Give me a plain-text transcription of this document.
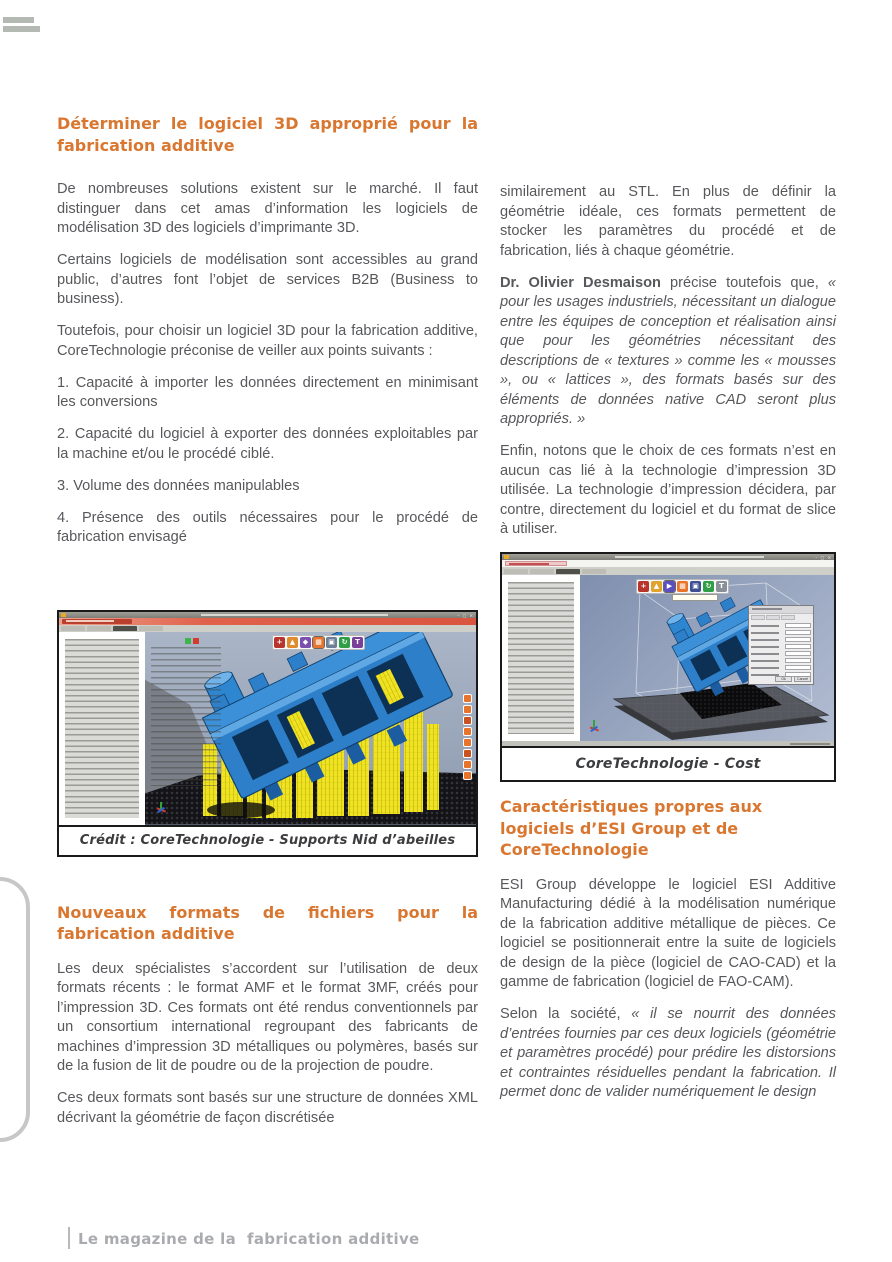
Déterminer le logiciel 3D approprié pour la fabrication additive

De nombreuses solutions existent sur le marché. Il faut distinguer dans cet amas d’information les logiciels de modélisation 3D des logiciels d’imprimante 3D.

Certains logiciels de modélisation sont accessibles au grand public, d’autres font l’objet de services B2B (Business to business).

Toutefois, pour choisir un logiciel 3D pour la fabrication additive, CoreTechnologie préconise de veiller aux points suivants :

1. Capacité à importer les données directement en minimisant les conversions

2. Capacité du logiciel à exporter des données exploitables par la machine et/ou le procédé ciblé.

3. Volume des données manipulables

4. Présence des outils nécessaires pour le procédé de fabrication envisagé

– □ ×
+	▲	◆	▦ ▣ ↻	T
Crédit : CoreTechnologie - Supports Nid d’abeilles
Nouveaux formats de fichiers pour la fabrication additive

Les deux spécialistes s’accordent sur l’utilisation de deux formats récents : le format AMF et le format 3MF, créés pour l’impression 3D. Ces formats ont été rendus conventionnels par un consortium international regroupant des fabricants de machines d’impression 3D métalliques ou polymères, basés sur de la fusion de lit de poudre ou de la projection de poudre.

Ces deux formats sont basés sur une structure de données XML décrivant la géométrie de façon discrétisée

similairement au STL. En plus de définir la géométrie idéale, ces formats permettent de stocker les paramètres du procédé et de fabrication, liés à chaque géométrie.

Dr. Olivier Desmaison précise toutefois que, « pour les usages industriels, nécessitant un dialogue entre les équipes de conception et réalisation ainsi que pour les géométries nécessitant des descriptions de « textures » comme les « mousses », ou « lattices », des formats basés sur des éléments de données native CAD seront plus appropriés. »

Enfin, notons que le choix de ces formats n’est en aucun cas lié à la technologie d’impression 3D utilisée. La technologie d’impression décidera, par contre, directement du logiciel et du format de slice à utiliser.

– □ ×
+	▲	▶	▦ ▣ ↻	T
Ok	Cancel
CoreTechnologie - Cost
Caractéristiques propres aux logiciels d’ESI Group et de CoreTechnologie

ESI Group développe le logiciel ESI Additive Manufacturing dédié à la modélisation numérique de la fabrication additive métallique de pièces. Ce logiciel se positionnerait entre la suite de logiciels de design de la pièce (logiciel de CAO-CAD) et la gamme de fabrication (logiciel de FAO-CAM).

Selon la société, « il se nourrit des données d’entrées fournies par ces deux logiciels (géométrie et paramètres procédé) pour prédire les distorsions et contraintes résiduelles pendant la fabrication. Il permet donc de valider numériquement le design

Le magazine de la  fabrication additive
